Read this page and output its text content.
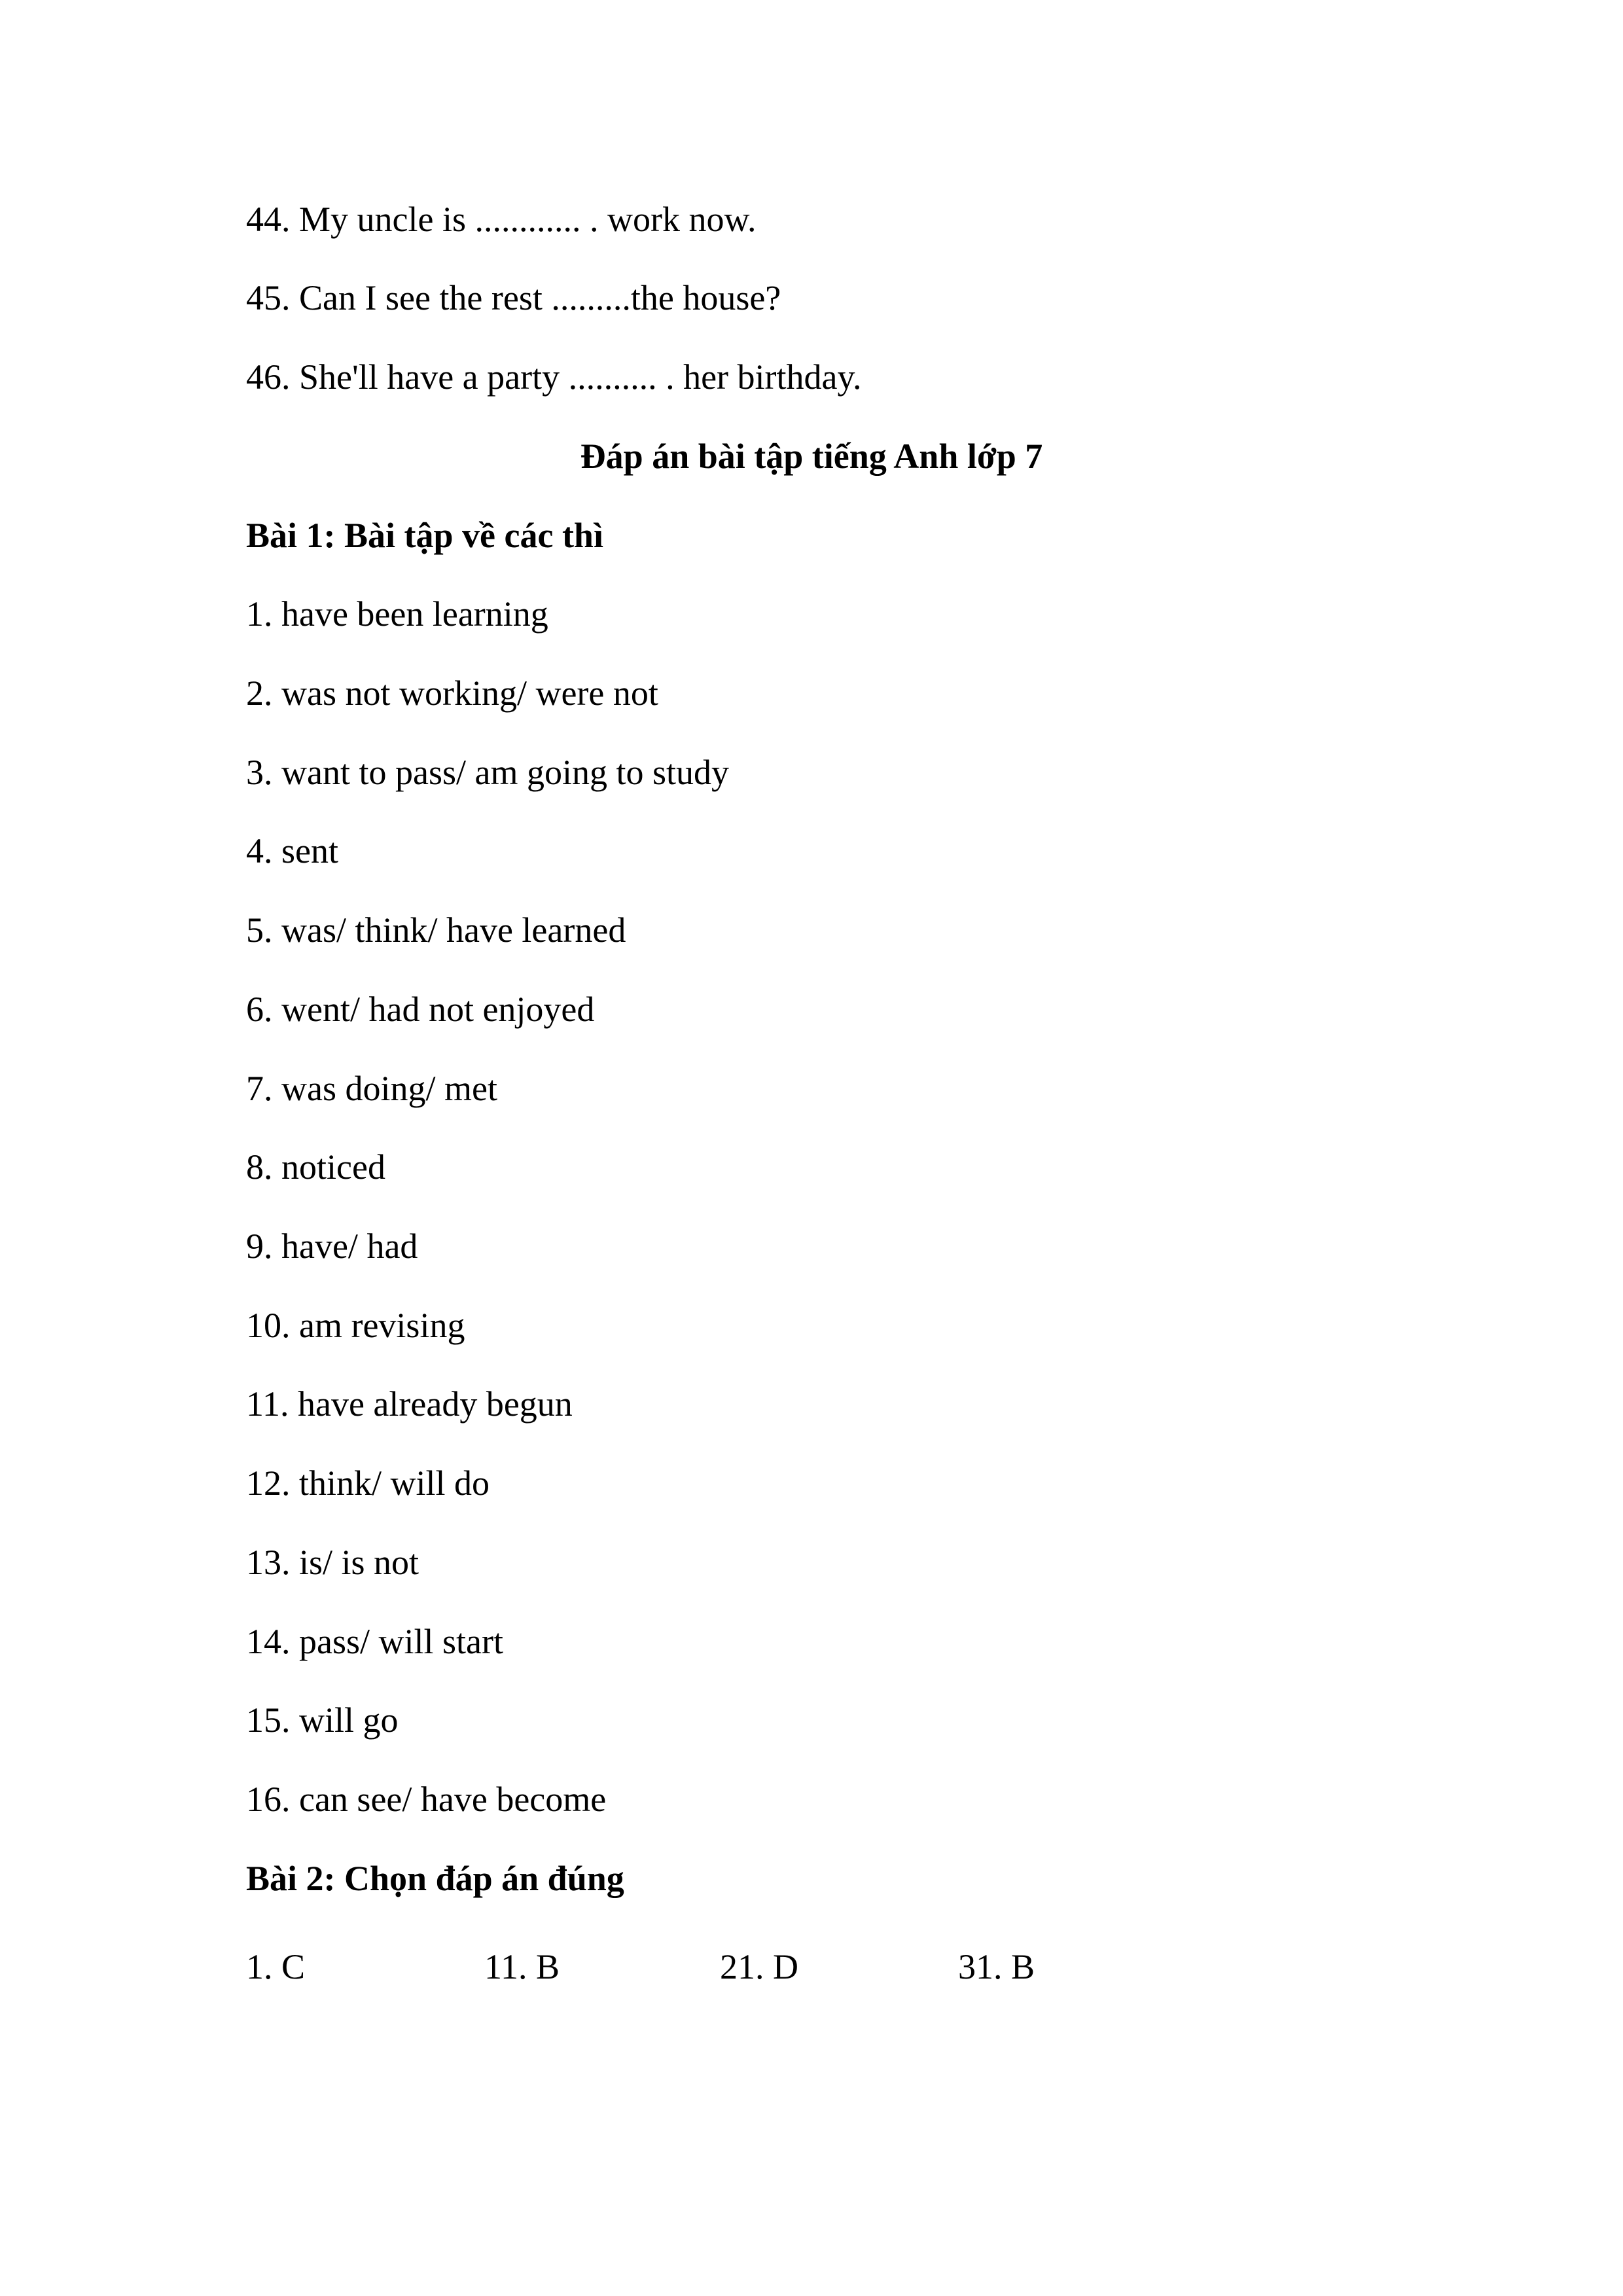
44. My uncle is ............ . work now.
45. Can I see the rest .........the house?
46. She'll have a party .......... . her birthday.
Đáp án bài tập tiếng Anh lớp 7
Bài 1: Bài tập về các thì
1. have been learning
2. was not working/ were not
3. want to pass/ am going to study
4. sent
5. was/ think/ have learned
6. went/ had not enjoyed
7. was doing/ met
8. noticed
9. have/ had
10. am revising
11. have already begun
12. think/ will do
13. is/ is not
14. pass/ will start
15. will go
16. can see/ have become
Bài 2: Chọn đáp án đúng
1. C	11. B	21. D	31. B
